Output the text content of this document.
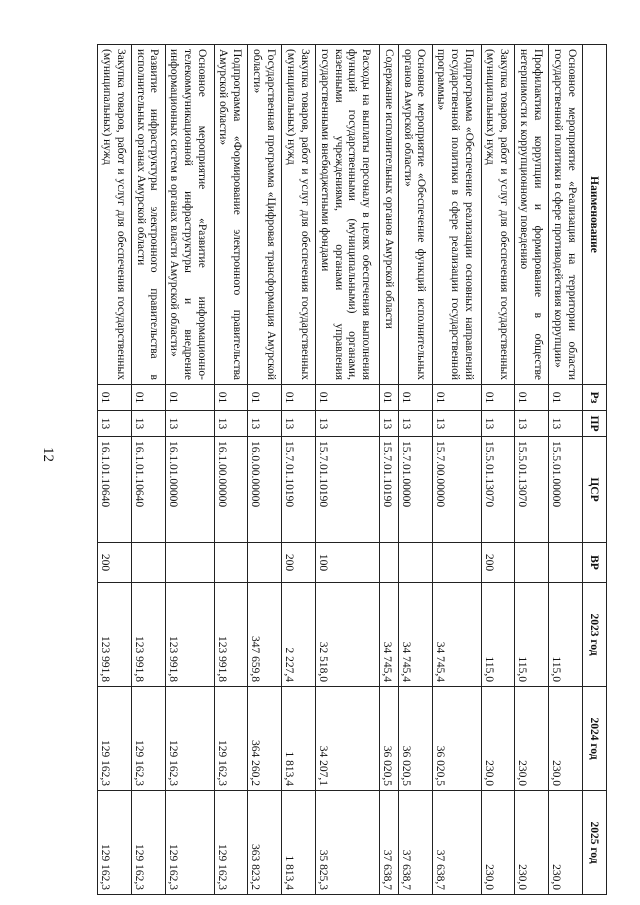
12
Наименование	Рз	ПР	ЦСР	ВР	2023 год	2024 год	2025 год
Основное мероприятие «Реализация на территории области государственной политики в сфере противодействия коррупции»	01	13	15.5.01.00000		115,0	230,0	230,0
Профилактика коррупции и формирование в обществе нетерпимости к коррупционному поведению	01	13	15.5.01.13070		115,0	230,0	230,0
Закупка товаров, работ и услуг для обеспечения государственных (муниципальных) нужд	01	13	15.5.01.13070	200	115,0	230,0	230,0
Подпрограмма «Обеспечение реализации основных направлений государственной политики в сфере реализации государственной программы»	01	13	15.7.00.00000		34 745,4	36 020,5	37 638,7
Основное мероприятие «Обеспечение функций исполнительных органов Амурской области»	01	13	15.7.01.00000		34 745,4	36 020,5	37 638,7
Содержание исполнительных органов Амурской области	01	13	15.7.01.10190		34 745,4	36 020,5	37 638,7
Расходы на выплаты персоналу в целях обеспечения выполнения функций государственными (муниципальными) органами, казенными учреждениями, органами управления государственными внебюджетными фондами	01	13	15.7.01.10190	100	32 518,0	34 207,1	35 825,3
Закупка товаров, работ и услуг для обеспечения государственных (муниципальных) нужд	01	13	15.7.01.10190	200	2 227,4	1 813,4	1 813,4
Государственная программа «Цифровая трансформация Амурской области»	01	13	16.0.00.00000		347 659,8	364 260,2	363 823,2
Подпрограмма «Формирование электронного правительства Амурской области»	01	13	16.1.00.00000		123 991,8	129 162,3	129 162,3
Основное мероприятие «Развитие информационно-телекоммуникационной инфраструктуры и внедрение информационных систем в органах власти Амурской области»	01	13	16.1.01.00000		123 991,8	129 162,3	129 162,3
Развитие инфраструктуры электронного правительства в исполнительных органах Амурской области	01	13	16.1.01.10640		123 991,8	129 162,3	129 162,3
Закупка товаров, работ и услуг для обеспечения государственных (муниципальных) нужд	01	13	16.1.01.10640	200	123 991,8	129 162,3	129 162,3
